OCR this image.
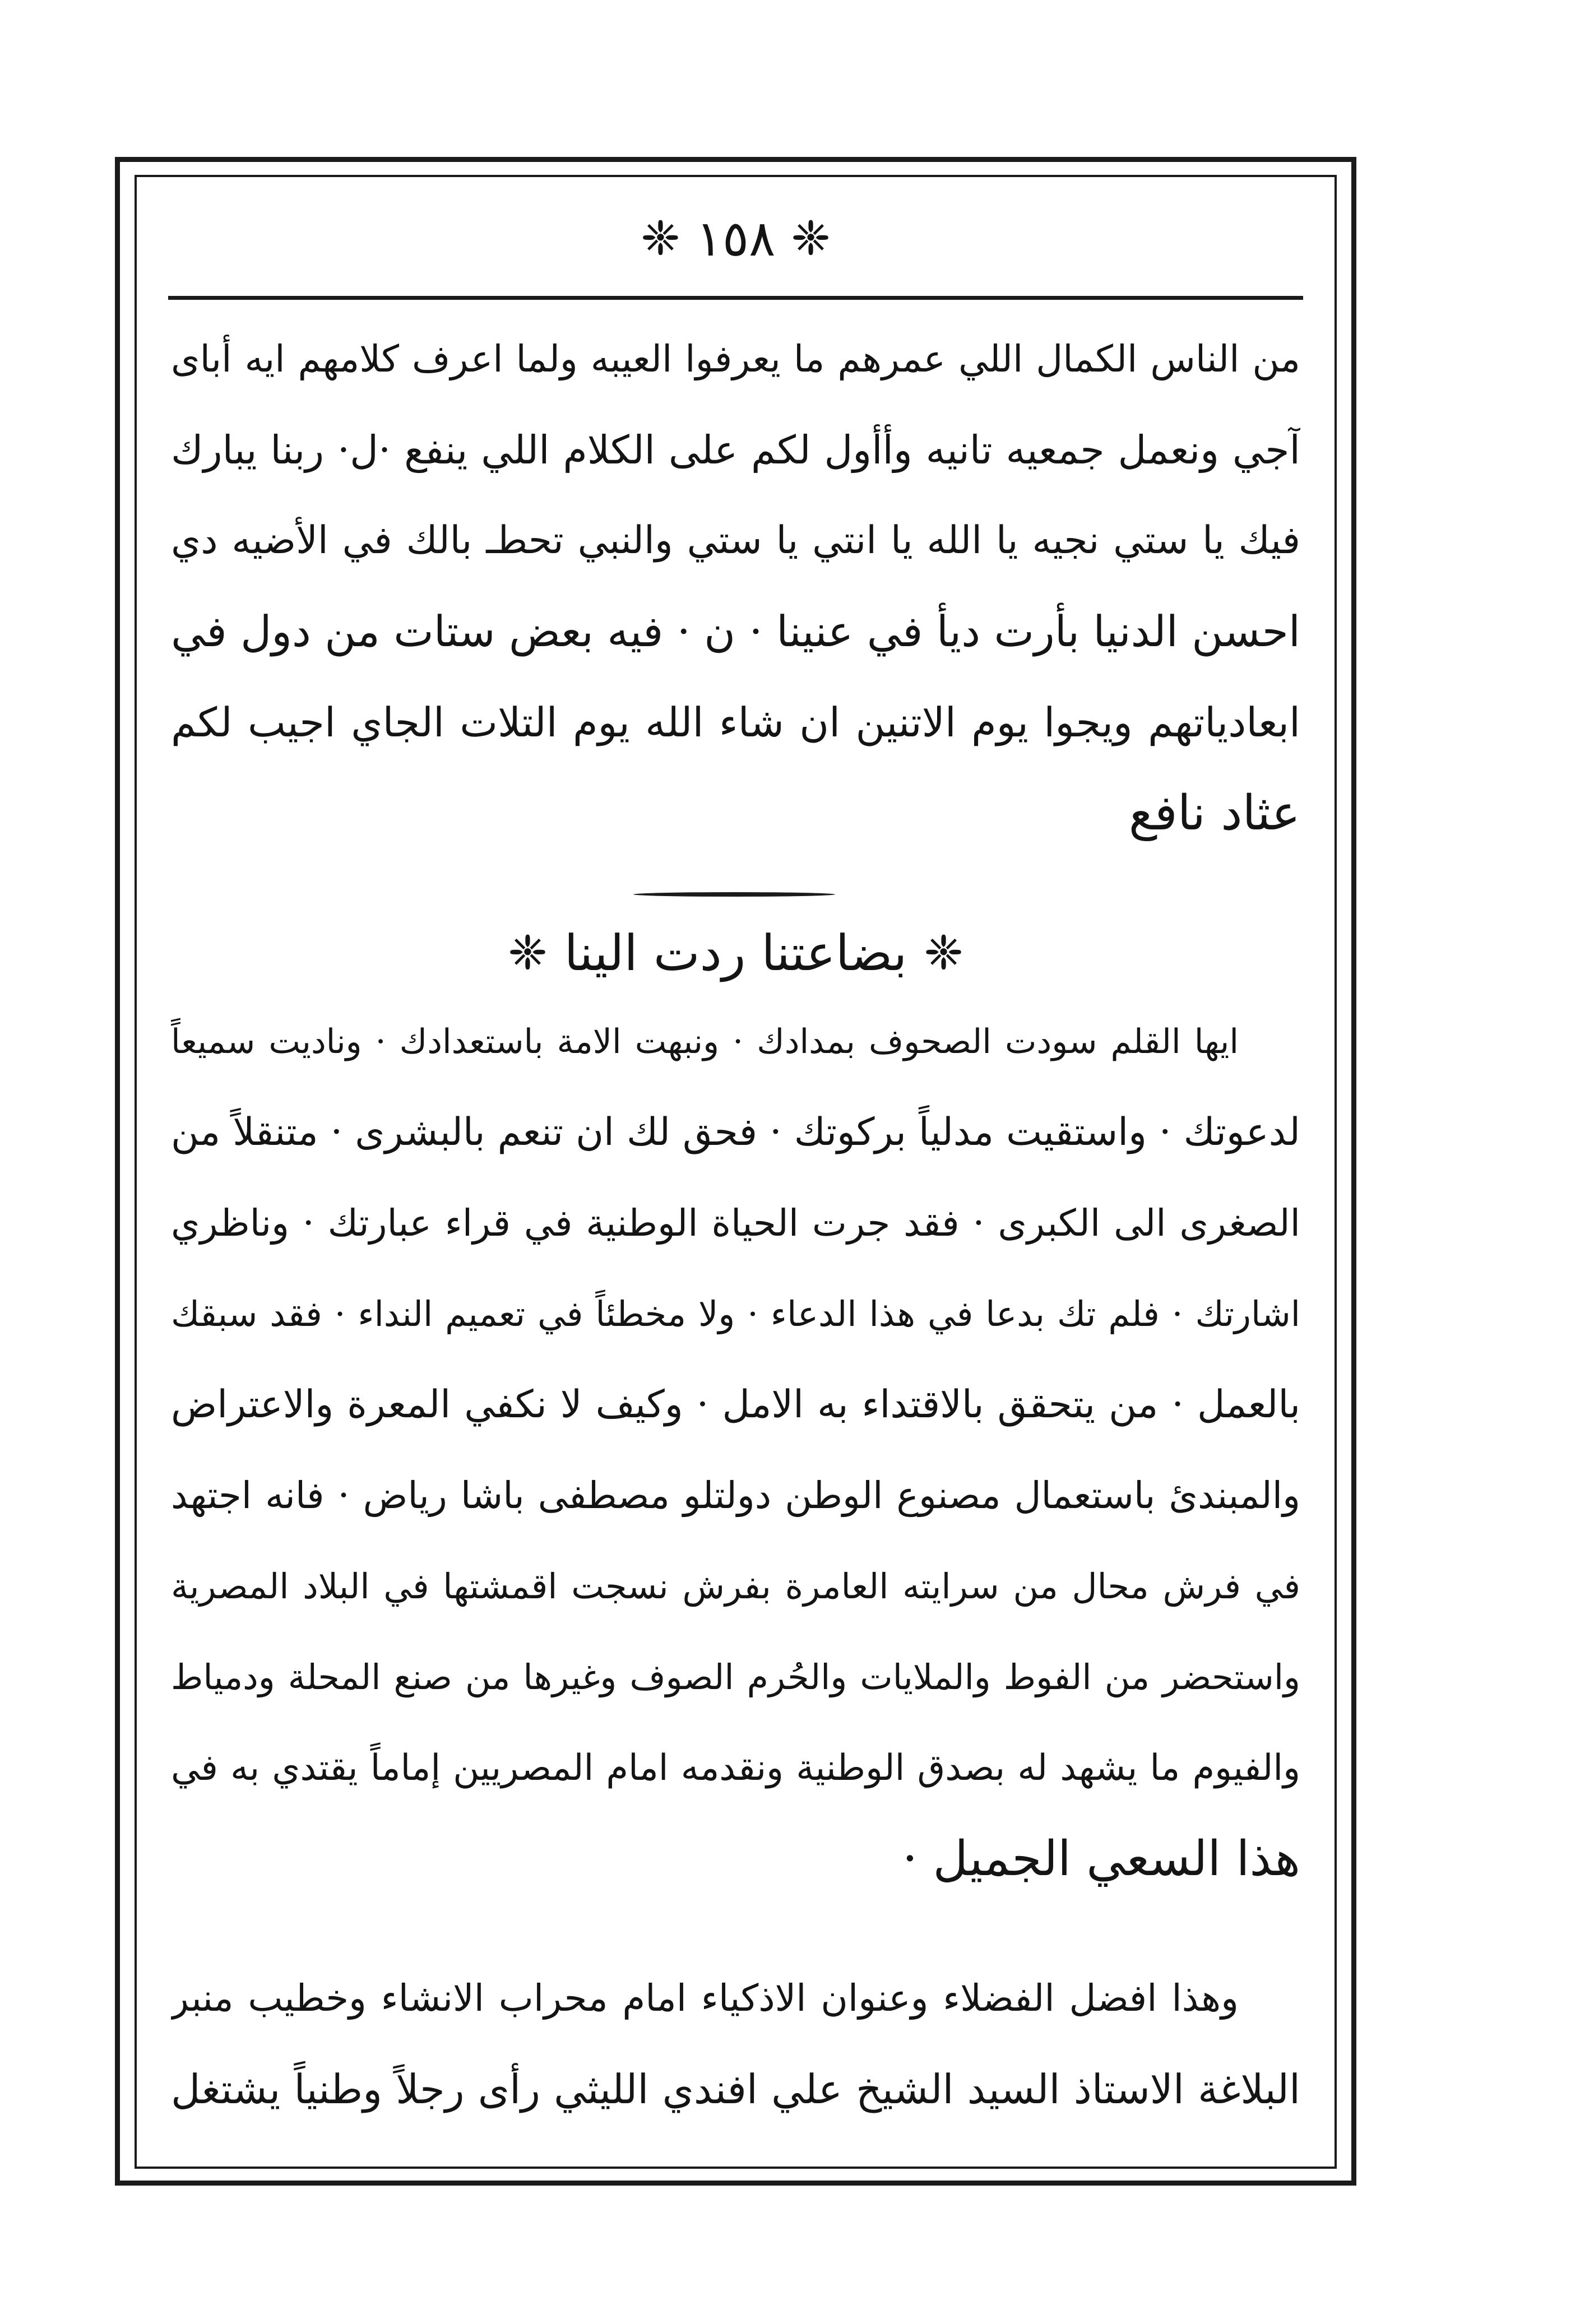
❈
١٥٨
❈
من الناس الكمال اللي عمرهم ما يعرفوا العيبه ولما اعرف كلامهم ايه أباى
آجي ونعمل جمعيه تانيه وأأول لكم على الكلام اللي ينفع ·ل· ربنا يبارك
فيك يا ستي نجيه يا الله يا انتي يا ستي والنبي تحطـ بالك في الأضيه دي
احسن الدنيا بأرت ديأ في عنينا · ن · فيه بعض ستات من دول في
ابعادياتهم ويجوا يوم الاتنين ان شاء الله يوم التلات الجاي اجيب لكم
عثاد نافع
❈
بضاعتنا ردت الينا
❈
ايها القلم سودت الصحوف بمدادك · ونبهت الامة باستعدادك · وناديت سميعاً
لدعوتك · واستقيت مدلياً بركوتك · فحق لك ان تنعم بالبشرى · متنقلاً من
الصغرى الى الكبرى · فقد جرت الحياة الوطنية في قراء عبارتك · وناظري
اشارتك · فلم تك بدعا في هذا الدعاء · ولا مخطئاً في تعميم النداء · فقد سبقك
بالعمل · من يتحقق بالاقتداء به الامل · وكيف لا نكفي المعرة والاعتراض
والمبندئ باستعمال مصنوع الوطن دولتلو مصطفى باشا رياض · فانه اجتهد
في فرش محال من سرايته العامرة بفرش نسجت اقمشتها في البلاد المصرية
واستحضر من الفوط والملايات والحُرم الصوف وغيرها من صنع المحلة ودمياط
والفيوم ما يشهد له بصدق الوطنية ونقدمه امام المصريين إماماً يقتدي به في
هذا السعي الجميل ·
وهذا افضل الفضلاء وعنوان الاذكياء امام محراب الانشاء وخطيب منبر
البلاغة الاستاذ السيد الشيخ علي افندي الليثي رأى رجلاً وطنياً يشتغل
